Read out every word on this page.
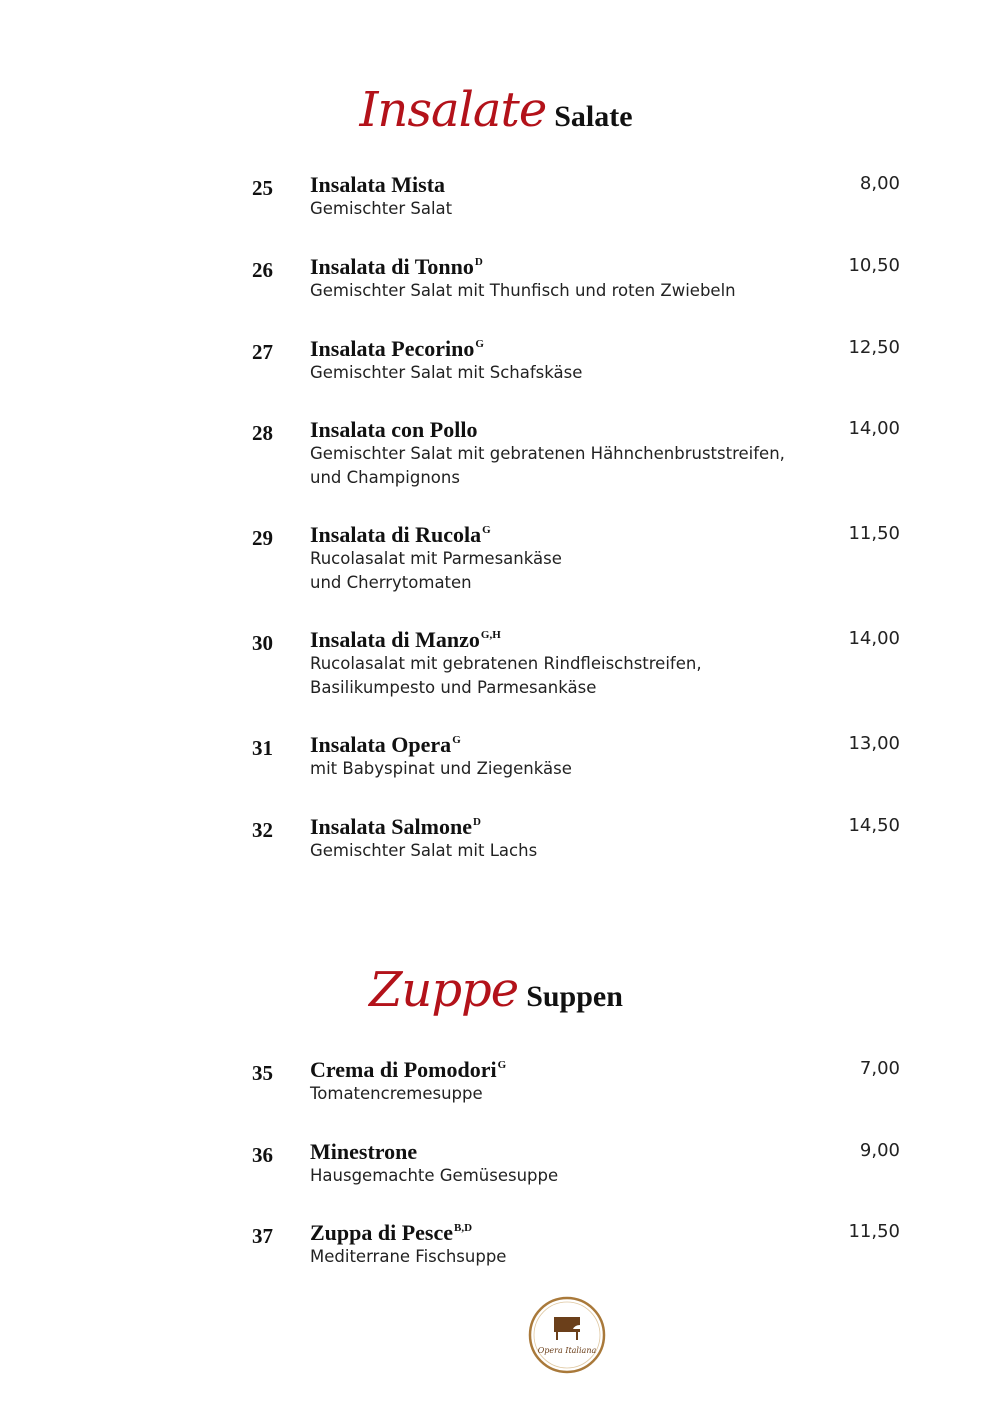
Insalate Salate
25 Insalata Mista
Gemischter Salat
8,00
26 Insalata di Tonno$^D$
Gemischter Salat mit Thunfisch und roten Zwiebeln
10,50
27 Insalata Pecorino$^G$
Gemischter Salat mit Schafskäse
12,50
28 Insalata con Pollo
Gemischter Salat mit gebratenen Hähnchenbruststreifen,
und Champignons
14,00
29 Insalata di Rucola$^G$
Rucolasalat mit Parmesankäse
und Cherrytomaten
11,50
30 Insalata di Manzo$^{G,H}$
Rucolasalat mit gebratenen Rindfleischstreifen,
Basilikumpesto und Parmesankäse
14,00
31 Insalata Opera$^G$
mit Babyspinat und Ziegenkäse
13,00
32 Insalata Salmone$^D$
Gemischter Salat mit Lachs
14,50
Zuppe Suppen
35 Crema di Pomodori$^G$
Tomatencremesuppe
7,00
36 Minestrone
Hausgemachte Gemüsesuppe
9,00
37 Zuppa di Pesce$^{B,D}$
Mediterrane Fischsuppe
11,50
Opera Italiana
